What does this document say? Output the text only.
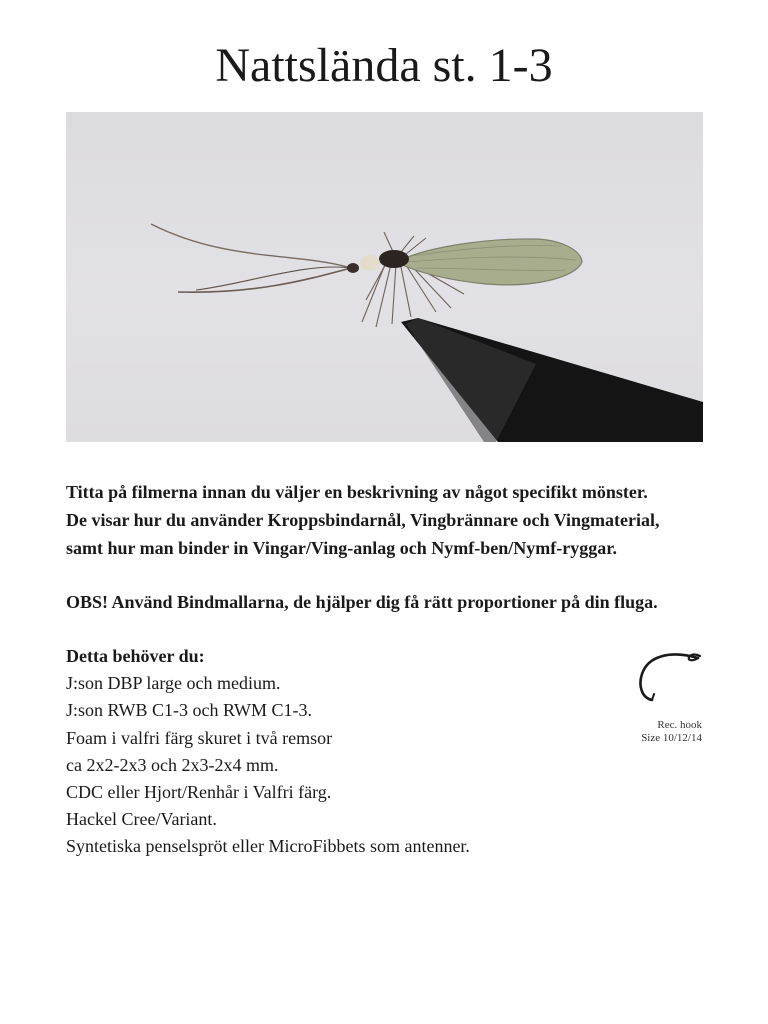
Nattslända st. 1-3

Titta på filmerna innan du väljer en beskrivning av något specifikt mönster.

De visar hur du använder Kroppsbindarnål, Vingbrännare och Vingmaterial,

samt hur man binder in Vingar/Ving-anlag och Nymf-ben/Nymf-ryggar.

OBS! Använd Bindmallarna, de hjälper dig få rätt proportioner på din fluga.

Detta behöver du:

J:son DBP large och medium.
J:son RWB C1-3 och RWM C1-3.
Foam i valfri färg skuret i två remsor
ca 2x2-2x3 och 2x3-2x4 mm.
CDC eller Hjort/Renhår i Valfri färg.
Hackel Cree/Variant.
Syntetiska penselspröt eller MicroFibbets som antenner.
Rec. hook
Size 10/12/14
